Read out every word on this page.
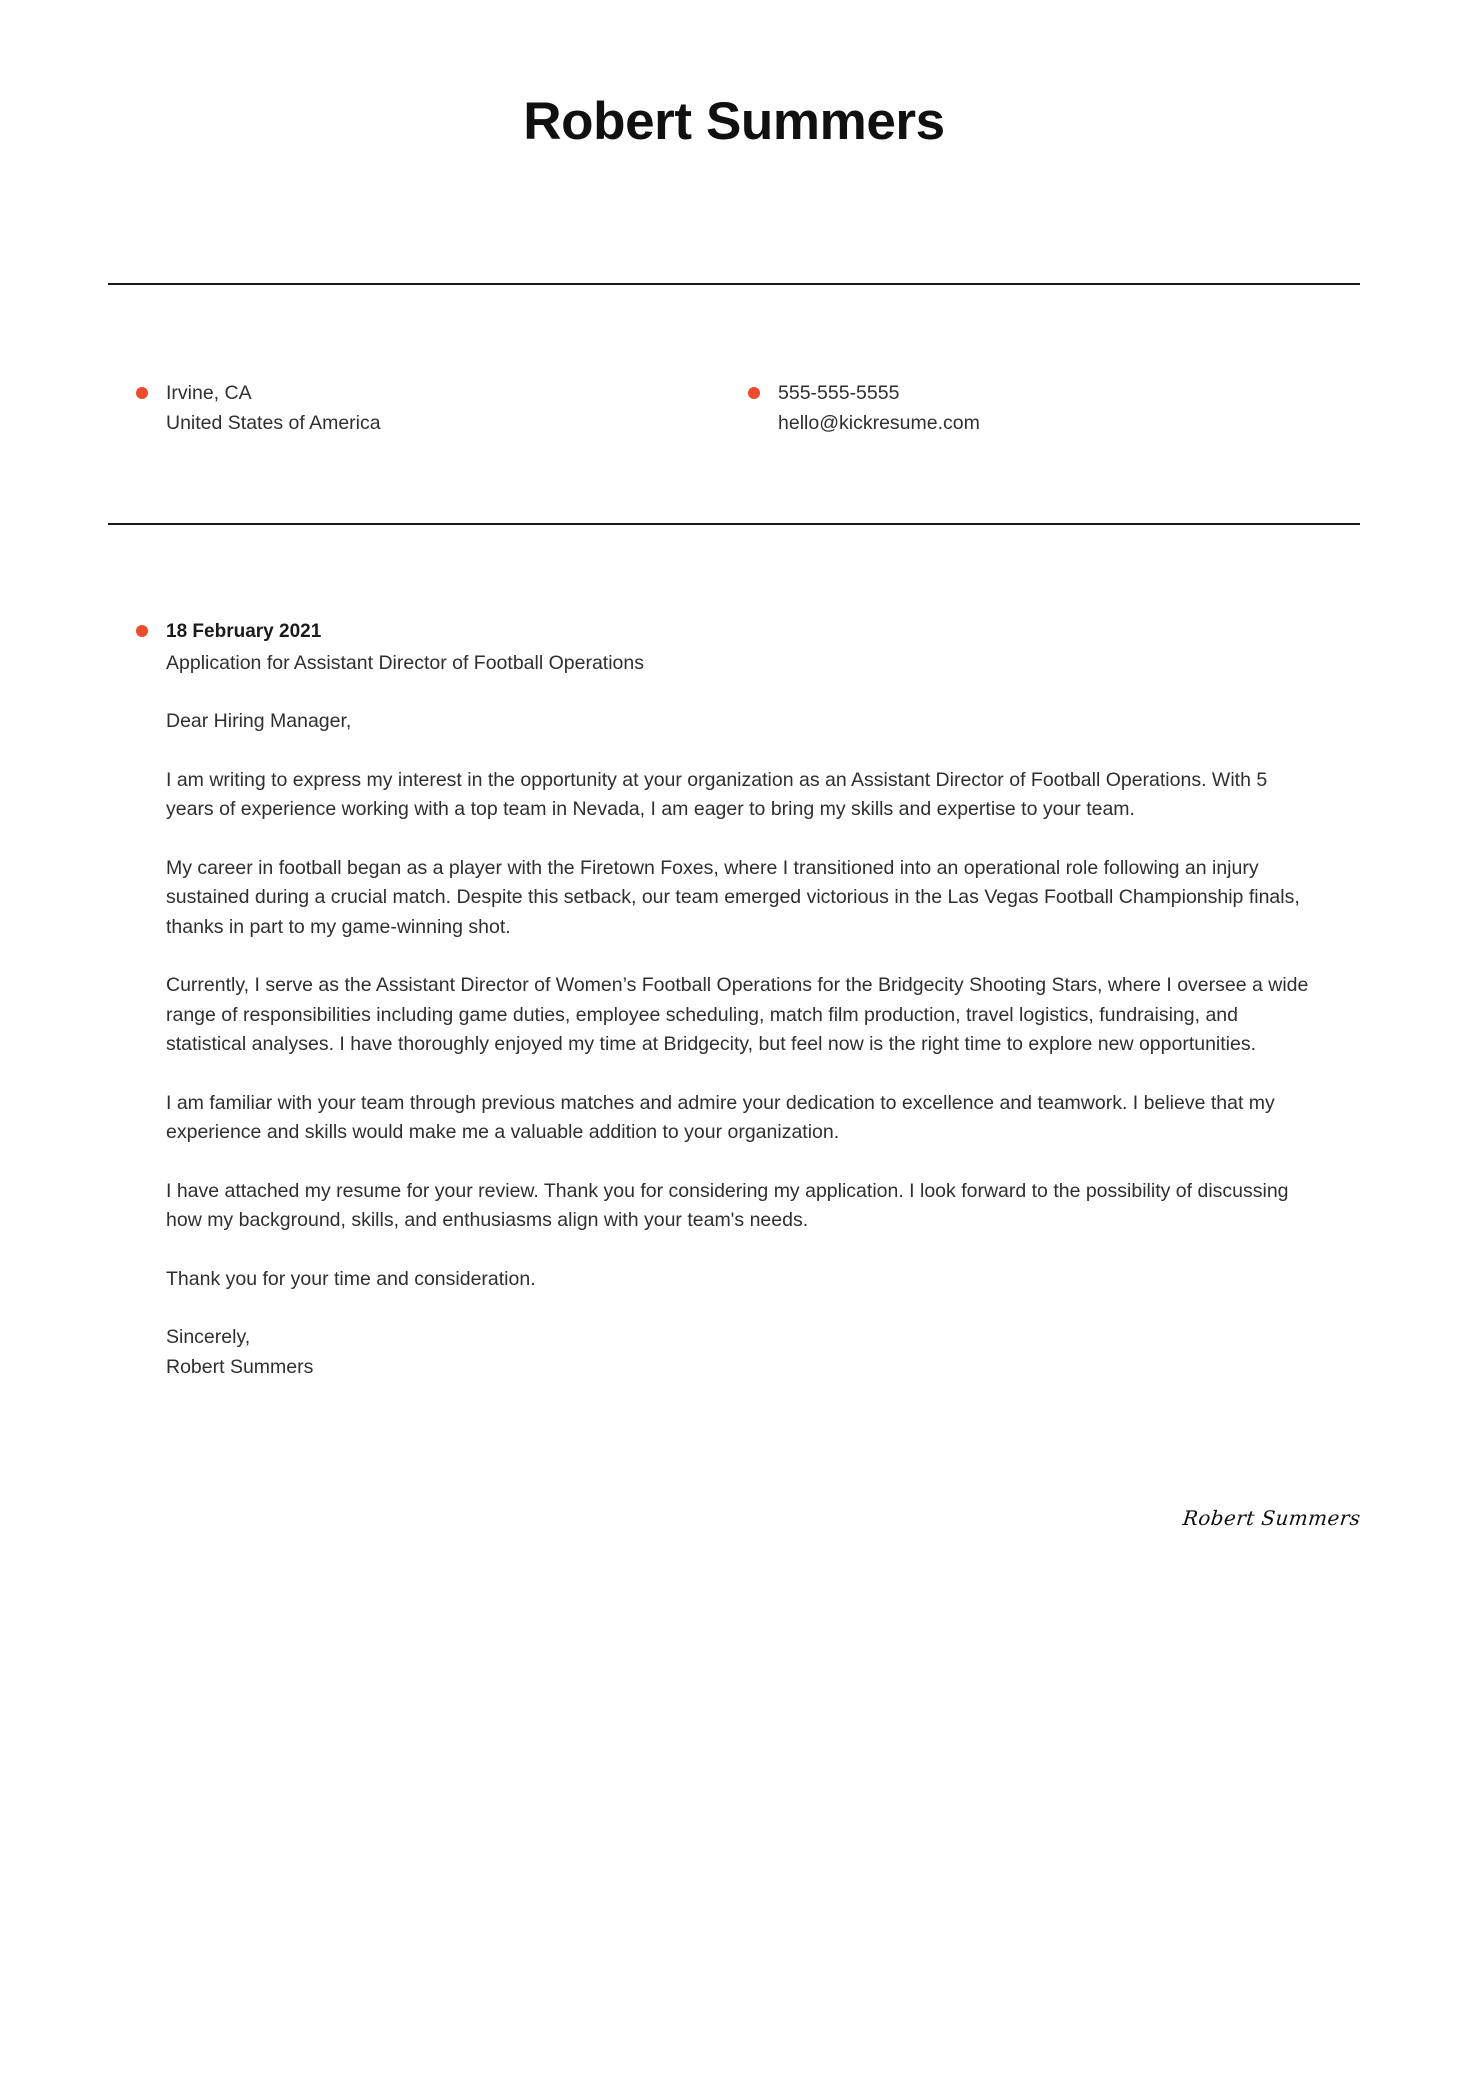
Robert Summers
Irvine, CA
United States of America
555-555-5555
hello@kickresume.com
18 February 2021
Application for Assistant Director of Football Operations

Dear Hiring Manager,

I am writing to express my interest in the opportunity at your organization as an Assistant Director of Football Operations. With 5 years of experience working with a top team in Nevada, I am eager to bring my skills and expertise to your team.

My career in football began as a player with the Firetown Foxes, where I transitioned into an operational role following an injury sustained during a crucial match. Despite this setback, our team emerged victorious in the Las Vegas Football Championship finals, thanks in part to my game-winning shot.

Currently, I serve as the Assistant Director of Women’s Football Operations for the Bridgecity Shooting Stars, where I oversee a wide range of responsibilities including game duties, employee scheduling, match film production, travel logistics, fundraising, and statistical analyses. I have thoroughly enjoyed my time at Bridgecity, but feel now is the right time to explore new opportunities.

I am familiar with your team through previous matches and admire your dedication to excellence and teamwork. I believe that my experience and skills would make me a valuable addition to your organization.

I have attached my resume for your review. Thank you for considering my application. I look forward to the possibility of discussing how my background, skills, and enthusiasms align with your team's needs.

Thank you for your time and consideration.

Sincerely,
Robert Summers

Robert Summers
